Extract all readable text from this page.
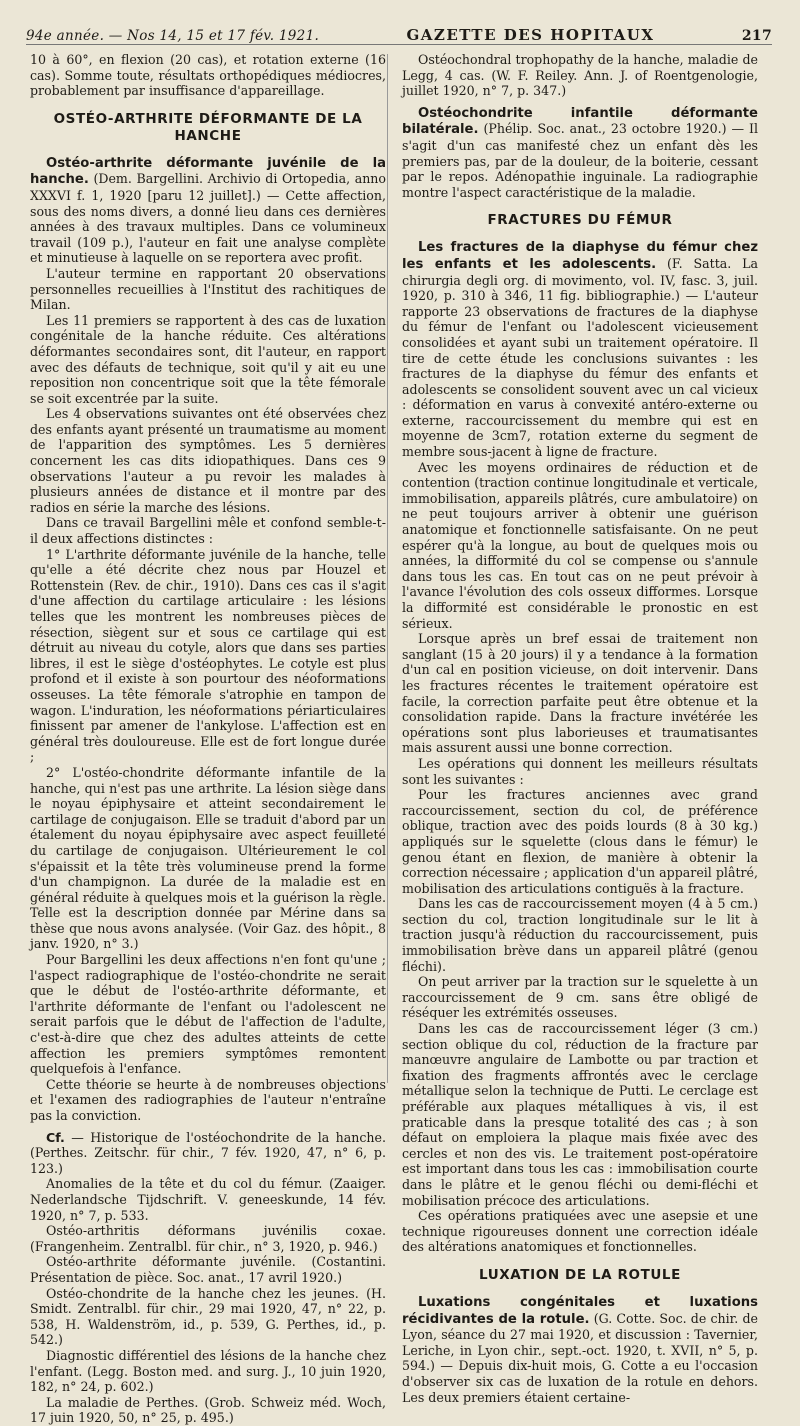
94e année. — Nos 14, 15 et 17 fév. 1921.	GAZETTE DES HOPITAUX	217

10 à 60°, en flexion (20 cas), et rotation externe (16 cas). Somme toute, résultats orthopédiques médiocres, probablement par insuffisance d'appareillage.

OSTÉO-ARTHRITE DÉFORMANTE DE LA HANCHE

Ostéo-arthrite déformante juvénile de la hanche. (Dem. Bargellini. Archivio di Ortopedia, anno XXXVI f. 1, 1920 [paru 12 juillet].) — Cette affection, sous des noms divers, a donné lieu dans ces dernières années à des travaux multiples. Dans ce volumineux travail (109 p.), l'auteur en fait une analyse complète et minutieuse à laquelle on se reportera avec profit.

L'auteur termine en rapportant 20 observations personnelles recueillies à l'Institut des rachitiques de Milan.

Les 11 premiers se rapportent à des cas de luxation congénitale de la hanche réduite. Ces altérations déformantes secondaires sont, dit l'auteur, en rapport avec des défauts de technique, soit qu'il y ait eu une reposition non concentrique soit que la tête fémorale se soit excentrée par la suite.

Les 4 observations suivantes ont été observées chez des enfants ayant présenté un traumatisme au moment de l'apparition des symptômes. Les 5 dernières concernent les cas dits idiopathiques. Dans ces 9 observations l'auteur a pu revoir les malades à plusieurs années de distance et il montre par des radios en série la marche des lésions.

Dans ce travail Bargellini mêle et confond semble-t-il deux affections distinctes :

1° L'arthrite déformante juvénile de la hanche, telle qu'elle a été décrite chez nous par Houzel et Rottenstein (Rev. de chir., 1910). Dans ces cas il s'agit d'une affection du cartilage articulaire : les lésions telles que les montrent les nombreuses pièces de résection, siègent sur et sous ce cartilage qui est détruit au niveau du cotyle, alors que dans ses parties libres, il est le siège d'ostéophytes. Le cotyle est plus profond et il existe à son pourtour des néoformations osseuses. La tête fémorale s'atrophie en tampon de wagon. L'induration, les néoformations périarticulaires finissent par amener de l'ankylose. L'affection est en général très douloureuse. Elle est de fort longue durée ;

2° L'ostéo-chondrite déformante infantile de la hanche, qui n'est pas une arthrite. La lésion siège dans le noyau épiphysaire et atteint secondairement le cartilage de conjugaison. Elle se traduit d'abord par un étalement du noyau épiphysaire avec aspect feuilleté du cartilage de conjugaison. Ultérieurement le col s'épaissit et la tête très volumineuse prend la forme d'un champignon. La durée de la maladie est en général réduite à quelques mois et la guérison la règle. Telle est la description donnée par Mérine dans sa thèse que nous avons analysée. (Voir Gaz. des hôpit., 8 janv. 1920, n° 3.)

Pour Bargellini les deux affections n'en font qu'une ; l'aspect radiographique de l'ostéo-chondrite ne serait que le début de l'ostéo-arthrite déformante, et l'arthrite déformante de l'enfant ou l'adolescent ne serait parfois que le début de l'affection de l'adulte, c'est-à-dire que chez des adultes atteints de cette affection les premiers symptômes remontent quelquefois à l'enfance.

Cette théorie se heurte à de nombreuses objections et l'examen des radiographies de l'auteur n'entraîne pas la conviction.

Cf. — Historique de l'ostéochondrite de la hanche. (Perthes. Zeitschr. für chir., 7 fév. 1920, 47, n° 6, p. 123.)

Anomalies de la tête et du col du fémur. (Zaaiger. Nederlandsche Tijdschrift. V. geneeskunde, 14 fév. 1920, n° 7, p. 533.

Ostéo-arthritis déformans juvénilis coxae. (Frangenheim. Zentralbl. für chir., n° 3, 1920, p. 946.)

Ostéo-arthrite déformante juvénile. (Costantini. Présentation de pièce. Soc. anat., 17 avril 1920.)

Ostéo-chondrite de la hanche chez les jeunes. (H. Smidt. Zentralbl. für chir., 29 mai 1920, 47, n° 22, p. 538, H. Waldenström, id., p. 539, G. Perthes, id., p. 542.)

Diagnostic différentiel des lésions de la hanche chez l'enfant. (Legg. Boston med. and surg. J., 10 juin 1920, 182, n° 24, p. 602.)

La maladie de Perthes. (Grob. Schweiz méd. Woch, 17 juin 1920, 50, n° 25, p. 495.)

Ostéochondral trophopathy de la hanche, maladie de Legg, 4 cas. (W. F. Reiley. Ann. J. of Roentgenologie, juillet 1920, n° 7, p. 347.)

Ostéochondrite infantile déformante bilatérale. (Phélip. Soc. anat., 23 octobre 1920.) — Il s'agit d'un cas manifesté chez un enfant dès les premiers pas, par de la douleur, de la boiterie, cessant par le repos. Adénopathie inguinale. La radiographie montre l'aspect caractéristique de la maladie.

FRACTURES DU FÉMUR

Les fractures de la diaphyse du fémur chez les enfants et les adolescents. (F. Satta. La chirurgia degli org. di movimento, vol. IV, fasc. 3, juil. 1920, p. 310 à 346, 11 fig. bibliographie.) — L'auteur rapporte 23 observations de fractures de la diaphyse du fémur de l'enfant ou l'adolescent vicieusement consolidées et ayant subi un traitement opératoire. Il tire de cette étude les conclusions suivantes : les fractures de la diaphyse du fémur des enfants et adolescents se consolident souvent avec un cal vicieux : déformation en varus à convexité antéro-externe ou externe, raccourcissement du membre qui est en moyenne de 3cm7, rotation externe du segment de membre sous-jacent à ligne de fracture.

Avec les moyens ordinaires de réduction et de contention (traction continue longitudinale et verticale, immobilisation, appareils plâtrés, cure ambulatoire) on ne peut toujours arriver à obtenir une guérison anatomique et fonctionnelle satisfaisante. On ne peut espérer qu'à la longue, au bout de quelques mois ou années, la difformité du col se compense ou s'annule dans tous les cas. En tout cas on ne peut prévoir à l'avance l'évolution des cols osseux difformes. Lorsque la difformité est considérable le pronostic en est sérieux.

Lorsque après un bref essai de traitement non sanglant (15 à 20 jours) il y a tendance à la formation d'un cal en position vicieuse, on doit intervenir. Dans les fractures récentes le traitement opératoire est facile, la correction parfaite peut être obtenue et la consolidation rapide. Dans la fracture invétérée les opérations sont plus laborieuses et traumatisantes mais assurent aussi une bonne correction.

Les opérations qui donnent les meilleurs résultats sont les suivantes :

Pour les fractures anciennes avec grand raccourcissement, section du col, de préférence oblique, traction avec des poids lourds (8 à 30 kg.) appliqués sur le squelette (clous dans le fémur) le genou étant en flexion, de manière à obtenir la correction nécessaire ; application d'un appareil plâtré, mobilisation des articulations contiguës à la fracture.

Dans les cas de raccourcissement moyen (4 à 5 cm.) section du col, traction longitudinale sur le lit à traction jusqu'à réduction du raccourcissement, puis immobilisation brève dans un appareil plâtré (genou fléchi).

On peut arriver par la traction sur le squelette à un raccourcissement de 9 cm. sans être obligé de réséquer les extrémités osseuses.

Dans les cas de raccourcissement léger (3 cm.) section oblique du col, réduction de la fracture par manœuvre angulaire de Lambotte ou par traction et fixation des fragments affrontés avec le cerclage métallique selon la technique de Putti. Le cerclage est préférable aux plaques métalliques à vis, il est praticable dans la presque totalité des cas ; à son défaut on emploiera la plaque mais fixée avec des cercles et non des vis. Le traitement post-opératoire est important dans tous les cas : immobilisation courte dans le plâtre et le genou fléchi ou demi-fléchi et mobilisation précoce des articulations.

Ces opérations pratiquées avec une asepsie et une technique rigoureuses donnent une correction idéale des altérations anatomiques et fonctionnelles.

LUXATION DE LA ROTULE

Luxations congénitales et luxations récidivantes de la rotule. (G. Cotte. Soc. de chir. de Lyon, séance du 27 mai 1920, et discussion : Tavernier, Leriche, in Lyon chir., sept.-oct. 1920, t. XVII, n° 5, p. 594.) — Depuis dix-huit mois, G. Cotte a eu l'occasion d'observer six cas de luxation de la rotule en dehors. Les deux premiers étaient certaine-
